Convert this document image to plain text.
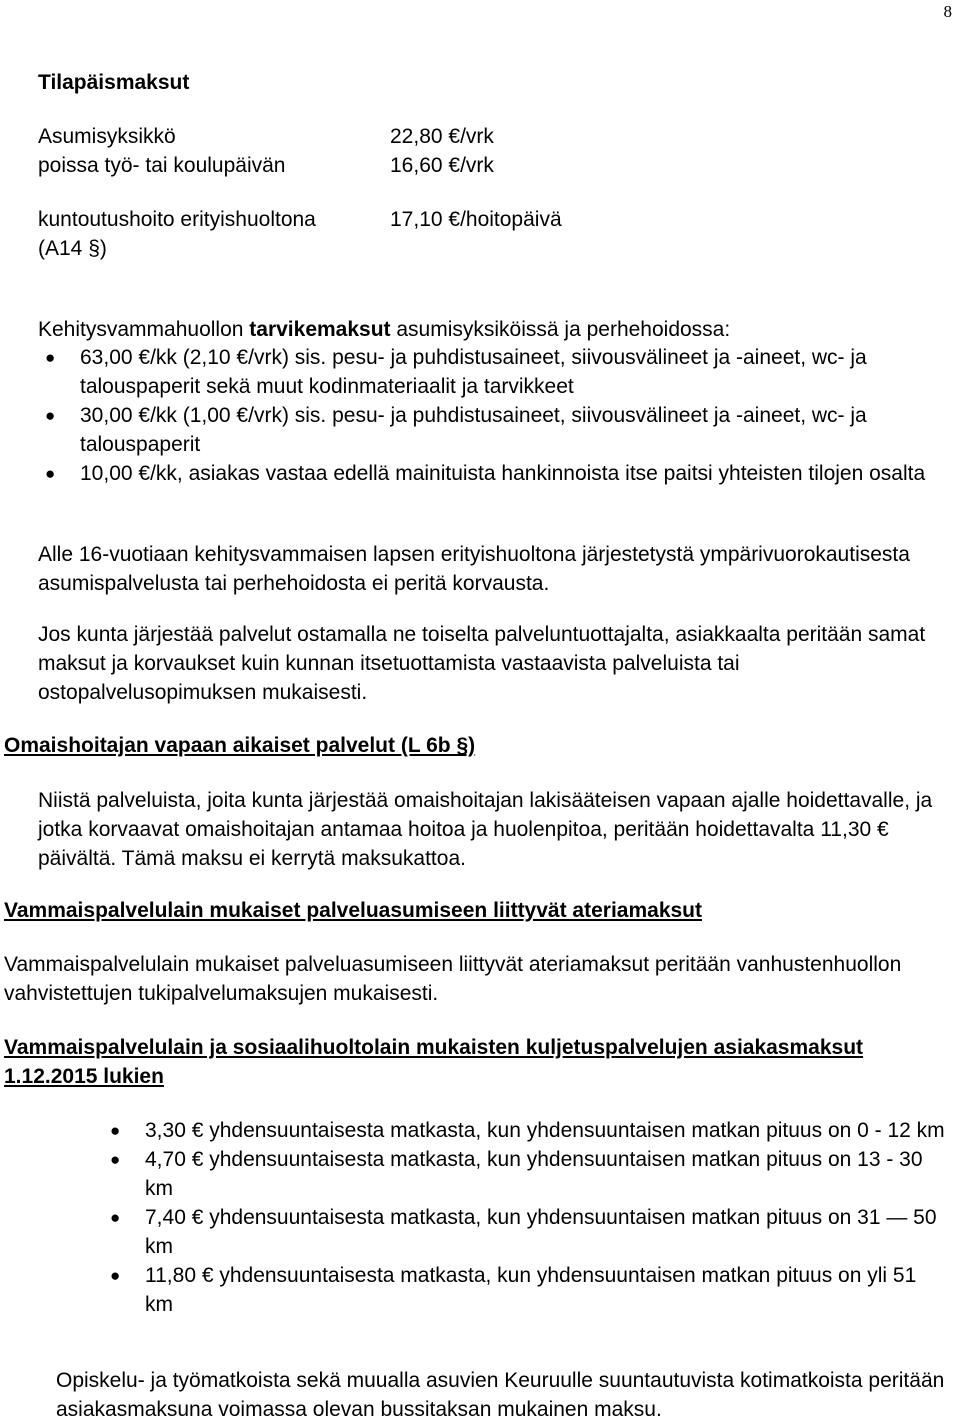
8
Tilapäismaksut
Asumisyksikkö	22,80 €/vrk
poissa työ- tai koulupäivän	16,60 €/vrk
kuntoutushoito erityishuoltona	17,10 €/hoitopäivä
(A14 §)

Kehitysvammahuollon tarvikemaksut asumisyksiköissä ja perhehoidossa:

● 63,00 €/kk (2,10 €/vrk) sis. pesu- ja puhdistusaineet, siivousvälineet ja -aineet, wc- ja talouspaperit sekä muut kodinmateriaalit ja tarvikkeet
● 30,00 €/kk (1,00 €/vrk) sis. pesu- ja puhdistusaineet, siivousvälineet ja -aineet, wc- ja talouspaperit
● 10,00 €/kk, asiakas vastaa edellä mainituista hankinnoista itse paitsi yhteisten tilojen osalta

Alle 16-vuotiaan kehitysvammaisen lapsen erityishuoltona järjestetystä ympärivuorokautisesta asumispalvelusta tai perhehoidosta ei peritä korvausta.

Jos kunta järjestää palvelut ostamalla ne toiselta palveluntuottajalta, asiakkaalta peritään samat maksut ja korvaukset kuin kunnan itsetuottamista vastaavista palveluista tai ostopalvelusopimuksen mukaisesti.

Omaishoitajan vapaan aikaiset palvelut (L 6b §)

Niistä palveluista, joita kunta järjestää omaishoitajan lakisääteisen vapaan ajalle hoidettavalle, ja jotka korvaavat omaishoitajan antamaa hoitoa ja huolenpitoa, peritään hoidettavalta 11,30 € päivältä. Tämä maksu ei kerrytä maksukattoa.

Vammaispalvelulain mukaiset palveluasumiseen liittyvät ateriamaksut

Vammaispalvelulain mukaiset palveluasumiseen liittyvät ateriamaksut peritään vanhustenhuollon vahvistettujen tukipalvelumaksujen mukaisesti.

Vammaispalvelulain ja sosiaalihuoltolain mukaisten kuljetuspalvelujen asiakasmaksut 1.12.2015 lukien
● 3,30 € yhdensuuntaisesta matkasta, kun yhdensuuntaisen matkan pituus on 0 - 12 km
● 4,70 € yhdensuuntaisesta matkasta, kun yhdensuuntaisen matkan pituus on 13 - 30 km
● 7,40 € yhdensuuntaisesta matkasta, kun yhdensuuntaisen matkan pituus on 31 — 50 km
● 11,80 € yhdensuuntaisesta matkasta, kun yhdensuuntaisen matkan pituus on yli 51 km

Opiskelu- ja työmatkoista sekä muualla asuvien Keuruulle suuntautuvista kotimatkoista peritään asiakasmaksuna voimassa olevan bussitaksan mukainen maksu.
